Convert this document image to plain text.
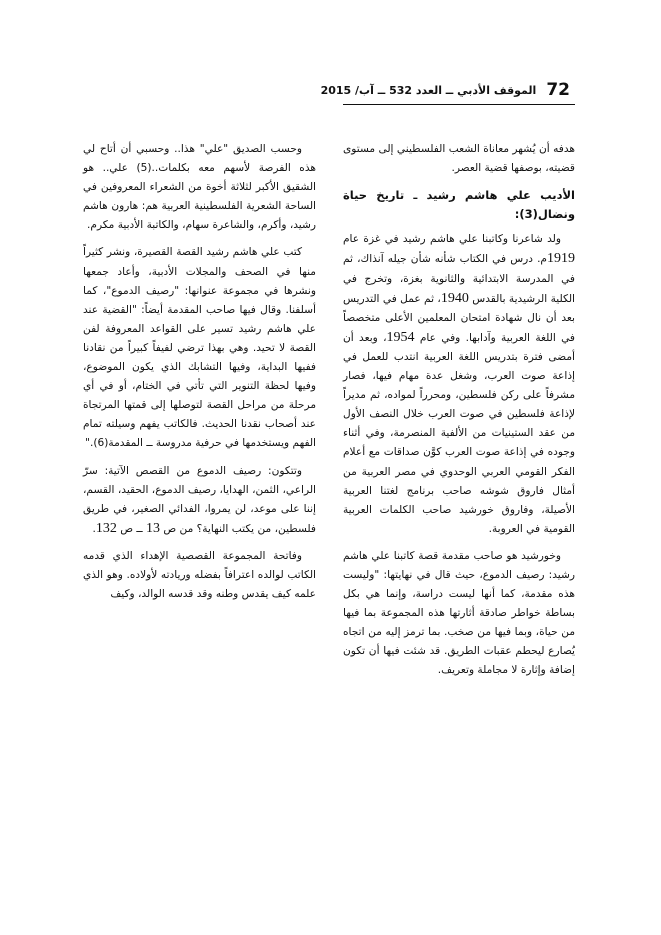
72
الموقف الأدبي ــ العدد 532 ــ آب/ 2015

هدفه أن يُشهر معاناة الشعب الفلسطيني إلى مستوى قضيته، بوصفها قضية العصر.

الأديب علي هاشم رشيد ـ تاريخ حياة ونضال(3):

ولد شاعرنا وكاتبنا علي هاشم رشيد في غزة عام 1919م. درس في الكتاب شأنه شأن جيله آنذاك، ثم في المدرسة الابتدائية والثانوية بغزة، وتخرج في الكلية الرشيدية بالقدس 1940، ثم عمل في التدريس بعد أن نال شهادة امتحان المعلمين الأعلى متخصصاً في اللغة العربية وآدابها. وفي عام 1954، وبعد أن أمضى فترة بتدريس اللغة العربية انتدب للعمل في إذاعة صوت العرب، وشغل عدة مهام فيها، فصار مشرفاً على ركن فلسطين، ومحرراً لمواده، ثم مديراً لإذاعة فلسطين في صوت العرب خلال النصف الأول من عقد الستينيات من الألفية المنصرمة، وفي أثناء وجوده في إذاعة صوت العرب كوَّن صداقات مع أعلام الفكر القومي العربي الوحدوي في مصر العربية من أمثال فاروق شوشه صاحب برنامج لغتنا العربية الأصيلة، وفاروق خورشيد صاحب الكلمات العربية القومية في العروبة.

وخورشيد هو صاحب مقدمة قصة كاتبنا علي هاشم رشيد: رصيف الدموع، حيث قال في نهايتها: "وليست هذه مقدمة، كما أنها ليست دراسة، وإنما هي بكل بساطة خواطر صادقة أثارتها هذه المجموعة بما فيها من حياة، وبما فيها من صخب. بما ترمز إليه من اتجاه يُصارع ليحطم عقبات الطريق. قد شئت فيها أن تكون إضافة وإثارة لا مجاملة وتعريف.

وحسب الصديق "علي" هذا.. وحسبي أن أتاح لي هذه الفرصة لأسهم معه بكلمات..(5) علي.. هو الشقيق الأكبر لثلاثة أخوة من الشعراء المعروفين في الساحة الشعرية الفلسطينية العربية هم: هارون هاشم رشيد، وأكرم، والشاعرة سهام، والكاتبة الأدبية مكرم.

كتب علي هاشم رشيد القصة القصيرة، ونشر كثيراً منها في الصحف والمجلات الأدبية، وأعاد جمعها ونشرها في مجموعة عنوانها: "رصيف الدموع"، كما أسلفنا. وقال فيها صاحب المقدمة أيضاً: "القضية عند علي هاشم رشيد تسير على القواعد المعروفة لفن القصة لا تحيد. وهي بهذا ترضي لفيفاً كبيراً من نقادنا ففيها البداية، وفيها التشابك الذي يكون الموضوع، وفيها لحظة التنوير التي تأتي في الختام، أو في أي مرحلة من مراحل القصة لتوصلها إلى قمتها المرتجاة عند أصحاب نقدنا الحديث. فالكاتب يفهم وسيلته تمام الفهم ويستخدمها في حرفية مدروسة ــ المقدمة(6)."

وتتكون: رصيف الدموع من القصص الآتية: سرّ الراعي، الثمن، الهدايا، رصيف الدموع، الحقيد، القسم، إننا على موعد، لن يمروا، الفدائي الصغير، في طريق فلسطين، من يكتب النهاية؟ من ص 13 ــ ص 132.

وفاتحة المجموعة القصصية الإهداء الذي قدمه الكاتب لوالده اعترافاً بفضله وريادته لأولاده. وهو الذي علمه كيف يقدس وطنه وقد قدسه الوالد، وكيف
